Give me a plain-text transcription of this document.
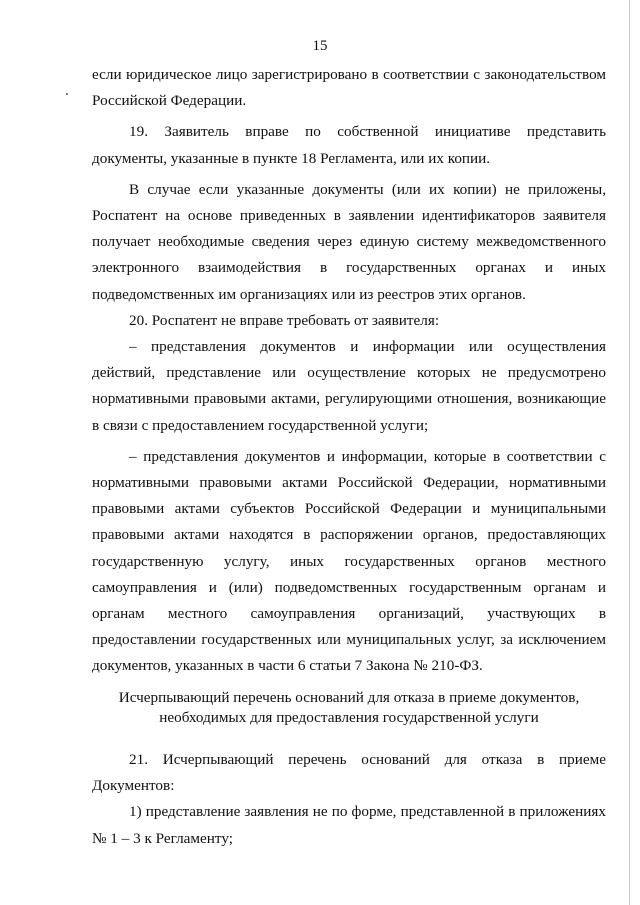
15

если юридическое лицо зарегистрировано в соответствии с законодательством Российской Федерации.

19. Заявитель вправе по собственной инициативе представить документы, указанные в пункте 18 Регламента, или их копии.

В случае если указанные документы (или их копии) не приложены, Роспатент на основе приведенных в заявлении идентификаторов заявителя получает необходимые сведения через единую систему межведомственного электронного взаимодействия в государственных органах и иных подведомственных им организациях или из реестров этих органов.

20. Роспатент не вправе требовать от заявителя:

– представления документов и информации или осуществления действий, представление или осуществление которых не предусмотрено нормативными правовыми актами, регулирующими отношения, возникающие в связи с предоставлением государственной услуги;

– представления документов и информации, которые в соответствии с нормативными правовыми актами Российской Федерации, нормативными правовыми актами субъектов Российской Федерации и муниципальными правовыми актами находятся в распоряжении органов, предоставляющих государственную услугу, иных государственных органов местного самоуправления и (или) подведомственных государственным органам и органам местного самоуправления организаций, участвующих в предоставлении государственных или муниципальных услуг, за исключением документов, указанных в части 6 статьи 7 Закона № 210-ФЗ.

Исчерпывающий перечень оснований для отказа в приеме документов,
необходимых для предоставления государственной услуги

21. Исчерпывающий перечень оснований для отказа в приеме Документов:

1) представление заявления не по форме, представленной в приложениях № 1 – 3 к Регламенту;
